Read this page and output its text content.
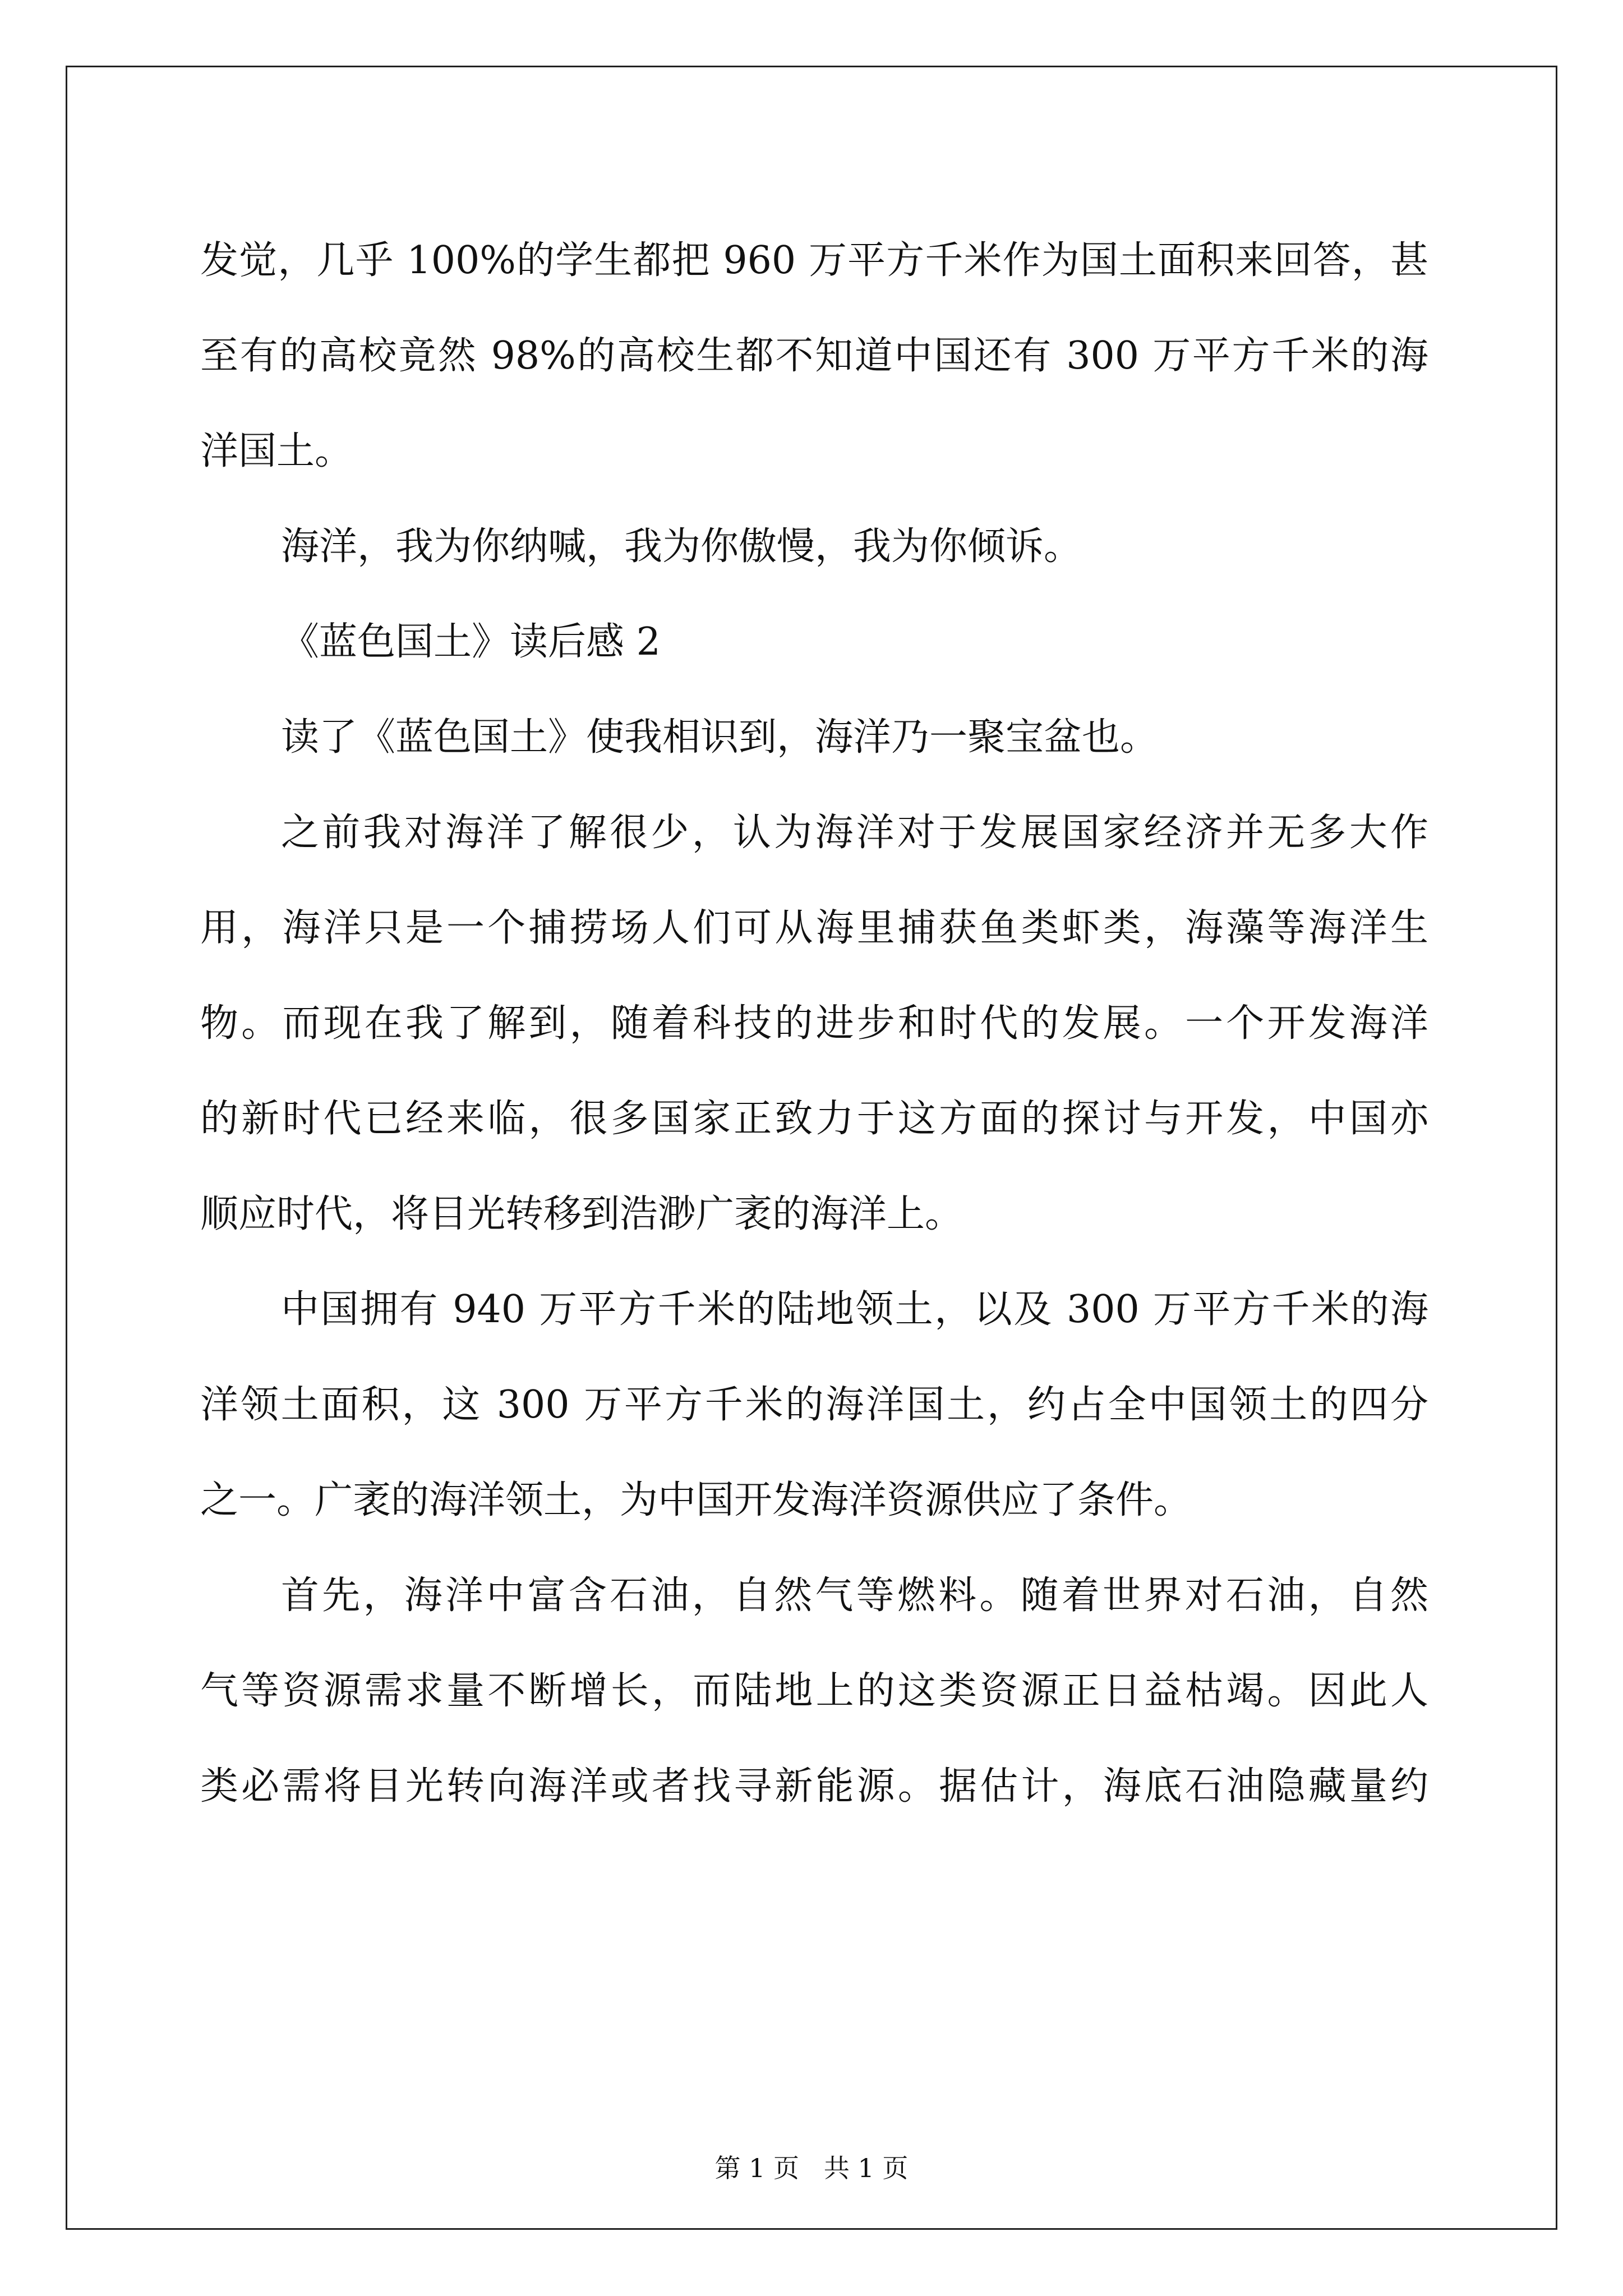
发觉，几乎 100%的学生都把 960 万平方千米作为国土面积来回答，甚
至有的高校竟然 98%的高校生都不知道中国还有 300 万平方千米的海
洋国土。
海洋，我为你纳喊，我为你傲慢，我为你倾诉。
《蓝色国土》读后感 2
读了《蓝色国土》使我相识到，海洋乃一聚宝盆也。
之前我对海洋了解很少，认为海洋对于发展国家经济并无多大作
用，海洋只是一个捕捞场人们可从海里捕获鱼类虾类，海藻等海洋生
物。而现在我了解到，随着科技的进步和时代的发展。一个开发海洋
的新时代已经来临，很多国家正致力于这方面的探讨与开发，中国亦
顺应时代，将目光转移到浩渺广袤的海洋上。
中国拥有 940 万平方千米的陆地领土，以及 300 万平方千米的海
洋领土面积，这 300 万平方千米的海洋国土，约占全中国领土的四分
之一。广袤的海洋领土，为中国开发海洋资源供应了条件。
首先，海洋中富含石油，自然气等燃料。随着世界对石油，自然
气等资源需求量不断增长，而陆地上的这类资源正日益枯竭。因此人
类必需将目光转向海洋或者找寻新能源。据估计，海底石油隐藏量约
第 1 页   共 1 页
